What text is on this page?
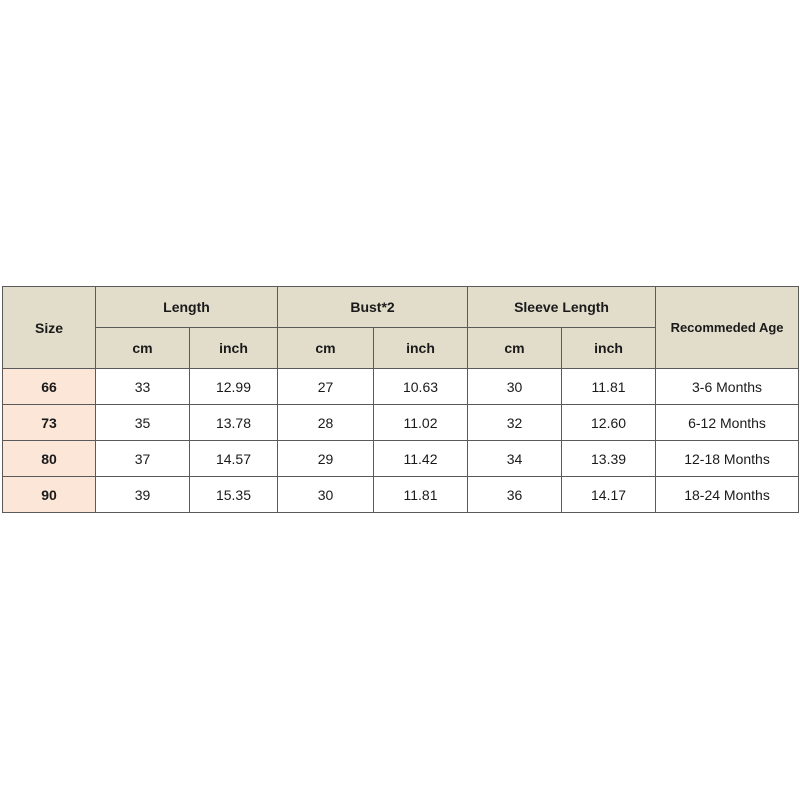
Size	Length		Bust*2		Sleeve Length		Recommeded Age
	cm	inch	cm	inch	cm	inch	
66	33	12.99	27	10.63	30	11.81	3-6 Months
73	35	13.78	28	11.02	32	12.60	6-12 Months
80	37	14.57	29	11.42	34	13.39	12-18 Months
90	39	15.35	30	11.81	36	14.17	18-24 Months
